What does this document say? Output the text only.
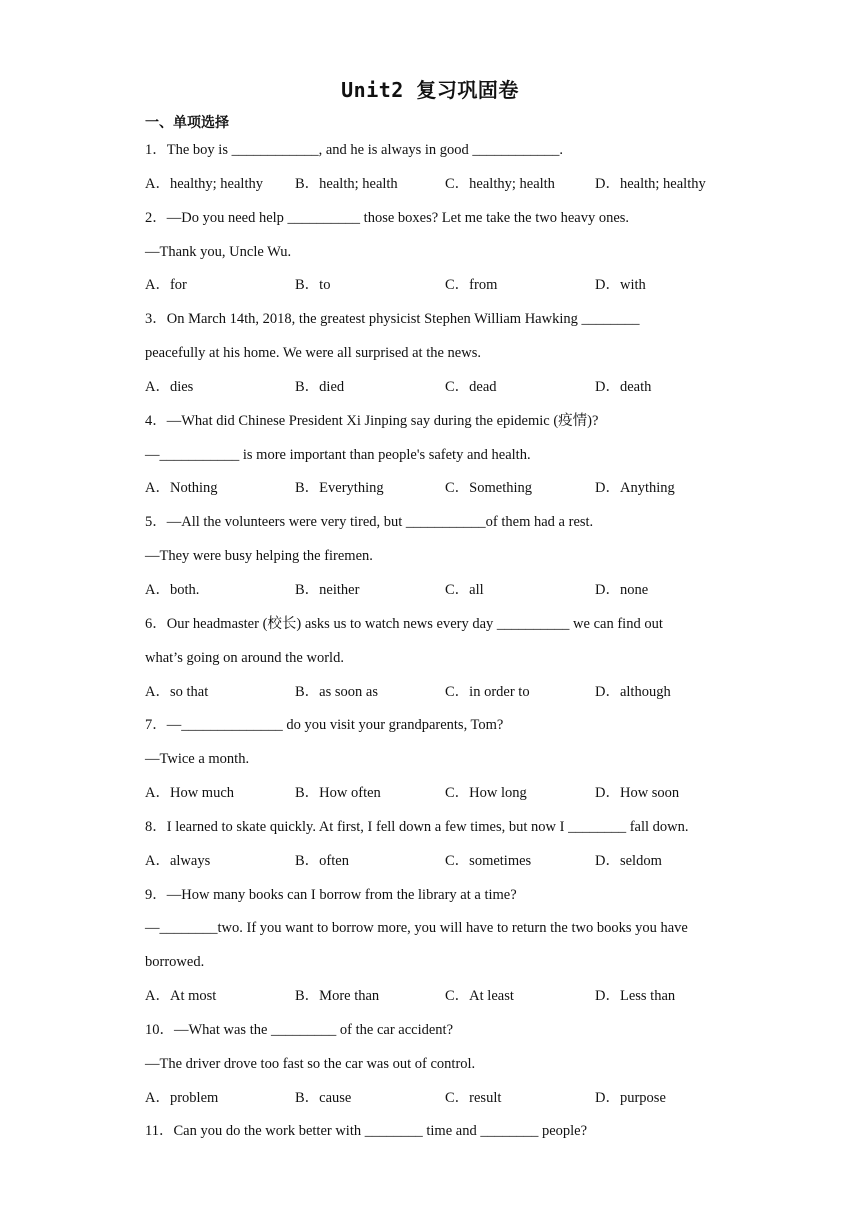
Unit2 复习巩固卷
一、单项选择
1．The boy is ____________, and he is always in good ____________.
A．healthy; healthy	B．health; health	C．healthy; health	D．health; healthy
2．—Do you need help __________ those boxes? Let me take the two heavy ones.
—Thank you, Uncle Wu.
A．for	B．to	C．from	D．with
3．On March 14th, 2018, the greatest physicist Stephen William Hawking ________
peacefully at his home. We were all surprised at the news.
A．dies	B．died	C．dead	D．death
4．—What did Chinese President Xi Jinping say during the epidemic (疫情)?
—___________ is more important than people's safety and health.
A．Nothing	B．Everything	C．Something	D．Anything
5．—All the volunteers were very tired, but ___________of them had a rest.
—They were busy helping the firemen.
A．both.	B．neither	C．all	D．none
6．Our headmaster (校长) asks us to watch news every day __________ we can find out
what’s going on around the world.
A．so that	B．as soon as	C．in order to	D．although
7．—______________ do you visit your grandparents, Tom?
—Twice a month.
A．How much	B．How often	C．How long	D．How soon
8．I learned to skate quickly. At first, I fell down a few times, but now I ________ fall down.
A．always	B．often	C．sometimes	D．seldom
9．—How many books can I borrow from the library at a time?
—________two. If you want to borrow more, you will have to return the two books you have
borrowed.
A．At most	B．More than	C．At least	D．Less than
10．—What was the _________ of the car accident?
―The driver drove too fast so the car was out of control.
A．problem	B．cause	C．result	D．purpose
11．Can you do the work better with ________ time and ________ people?
